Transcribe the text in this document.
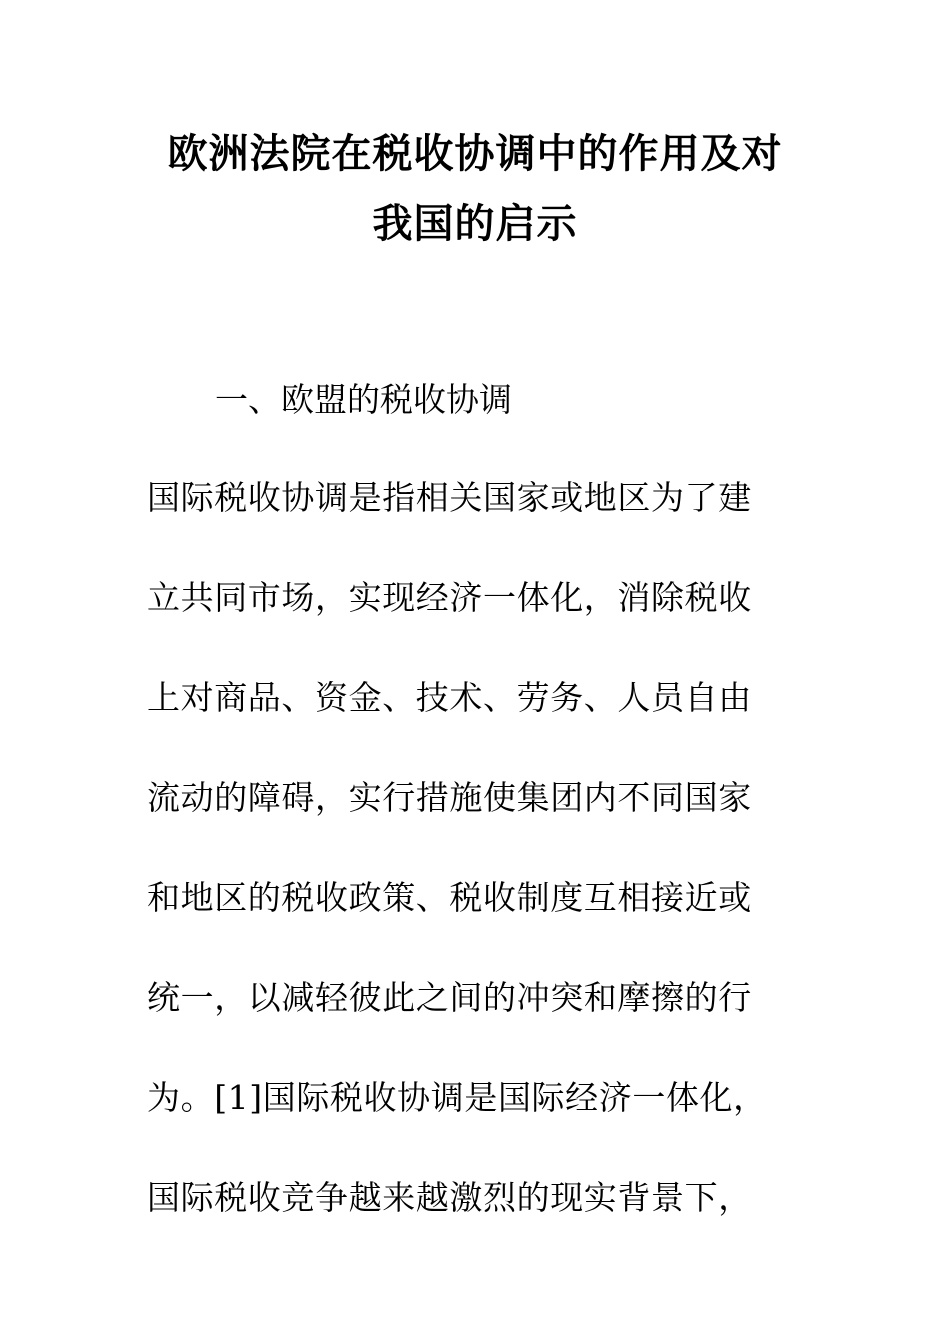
欧洲法院在税收协调中的作用及对
我国的启示
一、欧盟的税收协调
国际税收协调是指相关国家或地区为了建
立共同市场，实现经济一体化，消除税收
上对商品、资金、技术、劳务、人员自由
流动的障碍，实行措施使集团内不同国家
和地区的税收政策、税收制度互相接近或
统一，以减轻彼此之间的冲突和摩擦的行
为。[1]国际税收协调是国际经济一体化，
国际税收竞争越来越激烈的现实背景下，
